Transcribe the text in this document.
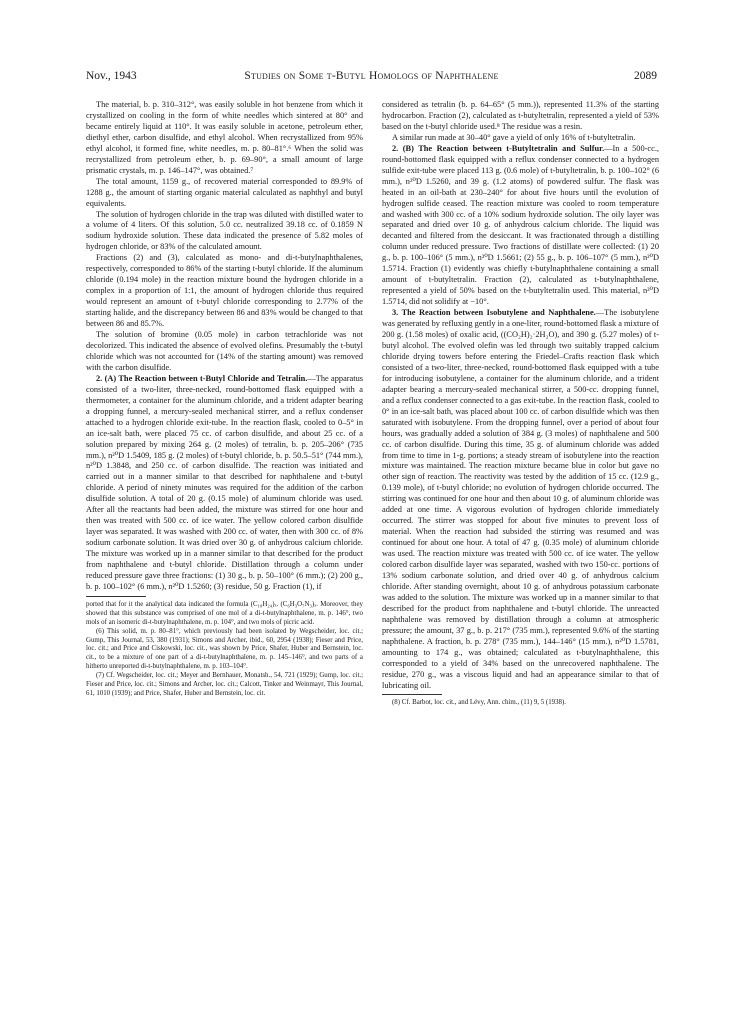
Nov., 1943	Studies on Some t-Butyl Homologs of Naphthalene	2089

The material, b. p. 310–312°, was easily soluble in hot benzene from which it crystallized on cooling in the form of white needles which sintered at 80° and became entirely liquid at 110°. It was easily soluble in acetone, petroleum ether, diethyl ether, carbon disulfide, and ethyl alcohol. When recrystallized from 95% ethyl alcohol, it formed fine, white needles, m. p. 80–81°.⁶ When the solid was recrystallized from petroleum ether, b. p. 69–90°, a small amount of large prismatic crystals, m. p. 146–147°, was obtained.⁷

The total amount, 1159 g., of recovered material corresponded to 89.9% of 1288 g., the amount of starting organic material calculated as naphthyl and butyl equivalents.

The solution of hydrogen chloride in the trap was diluted with distilled water to a volume of 4 liters. Of this solution, 5.0 cc. neutralized 39.18 cc. of 0.1859 N sodium hydroxide solution. These data indicated the presence of 5.82 moles of hydrogen chloride, or 83% of the calculated amount.

Fractions (2) and (3), calculated as mono- and di-t-butylnaphthalenes, respectively, corresponded to 86% of the starting t-butyl chloride. If the aluminum chloride (0.194 mole) in the reaction mixture bound the hydrogen chloride in a complex in a proportion of 1:1, the amount of hydrogen chloride thus required would represent an amount of t-butyl chloride corresponding to 2.77% of the starting halide, and the discrepancy between 86 and 83% would be changed to that between 86 and 85.7%.

The solution of bromine (0.05 mole) in carbon tetrachloride was not decolorized. This indicated the absence of evolved olefins. Presumably the t-butyl chloride which was not accounted for (14% of the starting amount) was removed with the carbon disulfide.

2. (A) The Reaction between t-Butyl Chloride and Tetralin.—The apparatus consisted of a two-liter, three-necked, round-bottomed flask equipped with a thermometer, a container for the aluminum chloride, and a trident adapter bearing a dropping funnel, a mercury-sealed mechanical stirrer, and a reflux condenser attached to a hydrogen chloride exit-tube. In the reaction flask, cooled to 0–5° in an ice-salt bath, were placed 75 cc. of carbon disulfide, and about 25 cc. of a solution prepared by mixing 264 g. (2 moles) of tetralin, b. p. 205–206° (735 mm.), n²⁰D 1.5409, 185 g. (2 moles) of t-butyl chloride, b. p. 50.5–51° (744 mm.), n²⁰D 1.3848, and 250 cc. of carbon disulfide. The reaction was initiated and carried out in a manner similar to that described for naphthalene and t-butyl chloride. A period of ninety minutes was required for the addition of the carbon disulfide solution. A total of 20 g. (0.15 mole) of aluminum chloride was used. After all the reactants had been added, the mixture was stirred for one hour and then was treated with 500 cc. of ice water. The yellow colored carbon disulfide layer was separated. It was washed with 200 cc. of water, then with 300 cc. of 8% sodium carbonate solution. It was dried over 30 g. of anhydrous calcium chloride. The mixture was worked up in a manner similar to that described for the product from naphthalene and t-butyl chloride. Distillation through a column under reduced pressure gave three fractions: (1) 30 g., b. p. 50–100° (6 mm.); (2) 200 g., b. p. 100–102° (6 mm.), n²⁰D 1.5260; (3) residue, 50 g. Fraction (1), if

ported that for it the analytical data indicated the formula (C₁₈H₂₄)ₓ. (C₆H₃O₇N₃)ₓ. Moreover, they showed that this substance was comprised of one mol of a di-t-butylnaphthalene, m. p. 146°, two mols of an isomeric di-t-butylnaphthalene, m. p. 104°, and two mols of picric acid.

(6) This solid, m. p. 80–81°, which previously had been isolated by Wegscheider, loc. cit.; Gump, This Journal, 53, 380 (1931); Simons and Archer, ibid., 60, 2954 (1938); Fieser and Price, loc. cit.; and Price and Ciskowski, loc. cit., was shown by Price, Shafer, Huber and Bernstein, loc. cit., to be a mixture of one part of a di-t-butylnaphthalene, m. p. 145–146°, and two parts of a hitherto unreported di-t-butylnaphthalene, m. p. 103–104°.

(7) Cf. Wegscheider, loc. cit.; Meyer and Bernhauer, Monatsh., 54, 721 (1929); Gump, loc. cit.; Fieser and Price, loc. cit.; Simons and Archer, loc. cit.; Calcott, Tinker and Weinmayr, This Journal, 61, 1010 (1939); and Price, Shafer, Huber and Bernstein, loc. cit.

considered as tetralin (b. p. 64–65° (5 mm.)), represented 11.3% of the starting hydrocarbon. Fraction (2), calculated as t-butyltetralin, represented a yield of 53% based on the t-butyl chloride used.⁸ The residue was a resin.

A similar run made at 30–40° gave a yield of only 16% of t-butyltetralin.

2. (B) The Reaction between t-Butyltetralin and Sulfur.—In a 500-cc., round-bottomed flask equipped with a reflux condenser connected to a hydrogen sulfide exit-tube were placed 113 g. (0.6 mole) of t-butyltetralin, b. p. 100–102° (6 mm.), n²⁰D 1.5260, and 39 g. (1.2 atoms) of powdered sulfur. The flask was heated in an oil-bath at 230–240° for about five hours until the evolution of hydrogen sulfide ceased. The reaction mixture was cooled to room temperature and washed with 300 cc. of a 10% sodium hydroxide solution. The oily layer was separated and dried over 10 g. of anhydrous calcium chloride. The liquid was decanted and filtered from the desiccant. It was fractionated through a distilling column under reduced pressure. Two fractions of distillate were collected: (1) 20 g., b. p. 100–106° (5 mm.), n²⁰D 1.5661; (2) 55 g., b. p. 106–107° (5 mm.), n²⁰D 1.5714. Fraction (1) evidently was chiefly t-butylnaphthalene containing a small amount of t-butyltetralin. Fraction (2), calculated as t-butylnaphthalene, represented a yield of 50% based on the t-butyltetralin used. This material, n²⁰D 1.5714, did not solidify at −10°.

3. The Reaction between Isobutylene and Naphthalene.—The isobutylene was generated by refluxing gently in a one-liter, round-bottomed flask a mixture of 200 g. (1.58 moles) of oxalic acid, ((CO₂H)₂·2H₂O), and 390 g. (5.27 moles) of t-butyl alcohol. The evolved olefin was led through two suitably trapped calcium chloride drying towers before entering the Friedel–Crafts reaction flask which consisted of a two-liter, three-necked, round-bottomed flask equipped with a tube for introducing isobutylene, a container for the aluminum chloride, and a trident adapter bearing a mercury-sealed mechanical stirrer, a 500-cc. dropping funnel, and a reflux condenser connected to a gas exit-tube. In the reaction flask, cooled to 0° in an ice-salt bath, was placed about 100 cc. of carbon disulfide which was then saturated with isobutylene. From the dropping funnel, over a period of about four hours, was gradually added a solution of 384 g. (3 moles) of naphthalene and 500 cc. of carbon disulfide. During this time, 35 g. of aluminum chloride was added from time to time in 1-g. portions; a steady stream of isobutylene into the reaction mixture was maintained. The reaction mixture became blue in color but gave no other sign of reaction. The reactivity was tested by the addition of 15 cc. (12.9 g., 0.139 mole), of t-butyl chloride; no evolution of hydrogen chloride occurred. The stirring was continued for one hour and then about 10 g. of aluminum chloride was added at one time. A vigorous evolution of hydrogen chloride immediately occurred. The stirrer was stopped for about five minutes to prevent loss of material. When the reaction had subsided the stirring was resumed and was continued for about one hour. A total of 47 g. (0.35 mole) of aluminum chloride was used. The reaction mixture was treated with 500 cc. of ice water. The yellow colored carbon disulfide layer was separated, washed with two 150-cc. portions of 13% sodium carbonate solution, and dried over 40 g. of anhydrous calcium chloride. After standing overnight, about 10 g. of anhydrous potassium carbonate was added to the solution. The mixture was worked up in a manner similar to that described for the product from naphthalene and t-butyl chloride. The unreacted naphthalene was removed by distillation through a column at atmospheric pressure; the amount, 37 g., b. p. 217° (735 mm.), represented 9.6% of the starting naphthalene. A fraction, b. p. 278° (735 mm.), 144–146° (15 mm.), n²⁰D 1.5781, amounting to 174 g., was obtained; calculated as t-butylnaphthalene, this corresponded to a yield of 34% based on the unrecovered naphthalene. The residue, 270 g., was a viscous liquid and had an appearance similar to that of lubricating oil.

(8) Cf. Barbot, loc. cit., and Lévy, Ann. chim., (11) 9, 5 (1938).
